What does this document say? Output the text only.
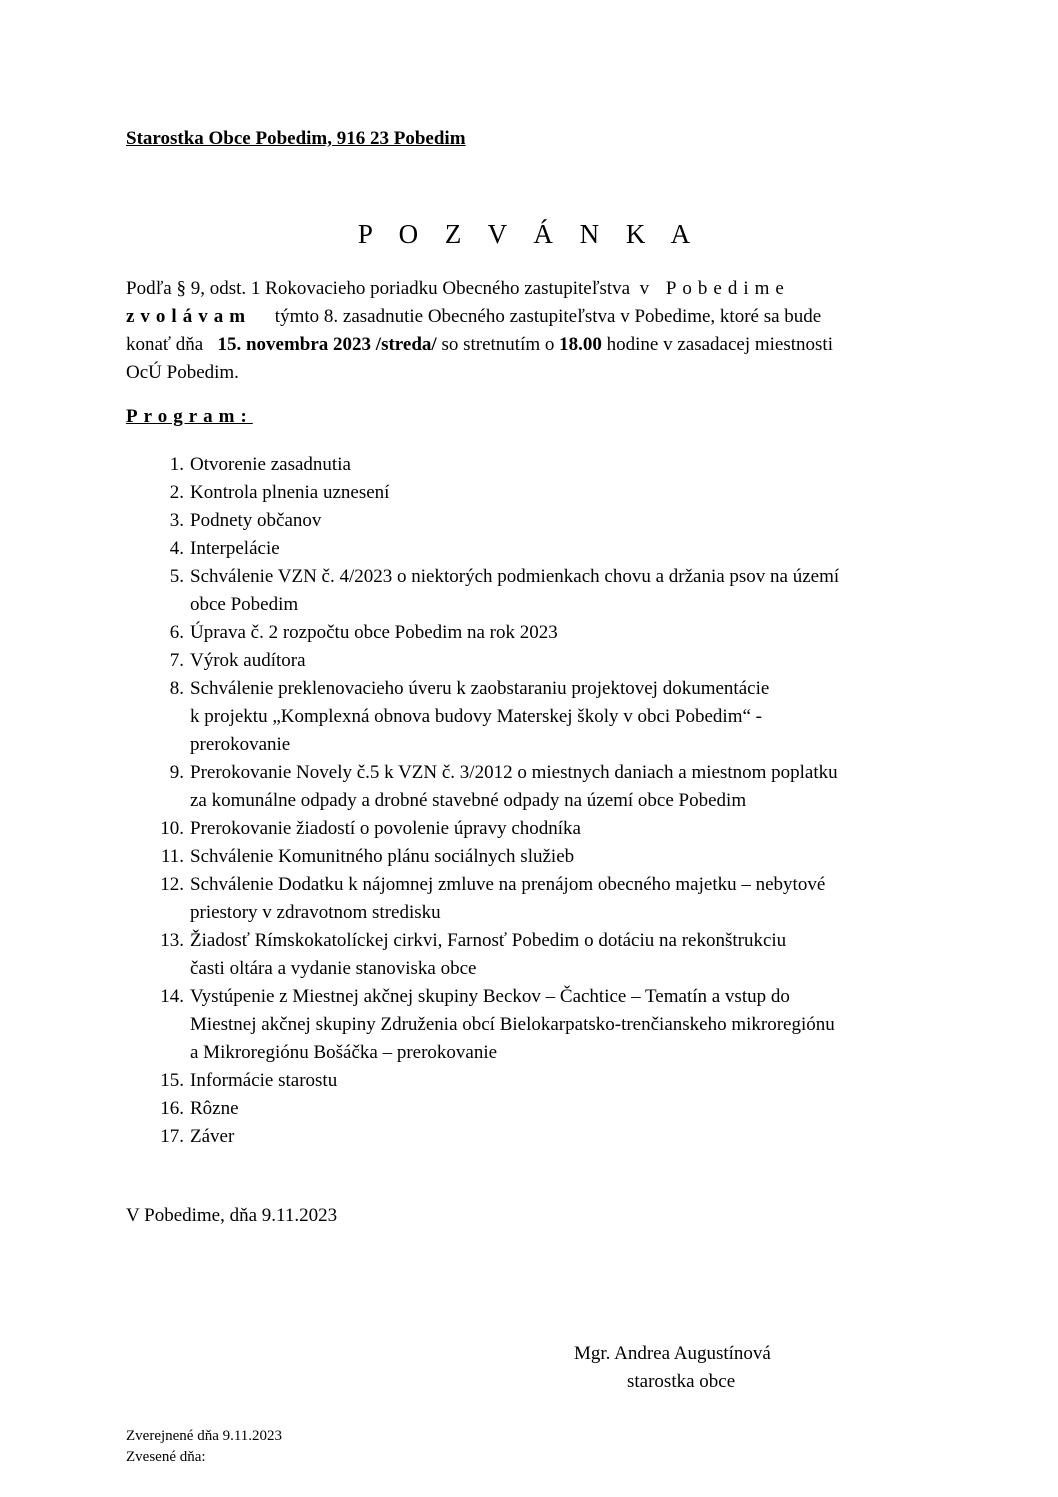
Starostka Obce Pobedim, 916 23 Pobedim
P O Z V Á N K A
Podľa § 9, odst. 1 Rokovacieho poriadku Obecného zastupiteľstva v Pobedime
zvolávam týmto 8. zasadnutie Obecného zastupiteľstva v Pobedime, ktoré sa bude
konať dňa 15. novembra 2023 /streda/ so stretnutím o 18.00 hodine v zasadacej miestnosti
OcÚ Pobedim.
Program:
1. Otvorenie zasadnutia
2. Kontrola plnenia uznesení
3. Podnety občanov
4. Interpelácie
5. Schválenie VZN č. 4/2023 o niektorých podmienkach chovu a držania psov na území
obce Pobedim
6. Úprava č. 2 rozpočtu obce Pobedim na rok 2023
7. Výrok audítora
8. Schválenie preklenovacieho úveru k zaobstaraniu projektovej dokumentácie
k projektu „Komplexná obnova budovy Materskej školy v obci Pobedim“ -
prerokovanie
9. Prerokovanie Novely č.5 k VZN č. 3/2012 o miestnych daniach a miestnom poplatku
za komunálne odpady a drobné stavebné odpady na území obce Pobedim
10. Prerokovanie žiadostí o povolenie úpravy chodníka
11. Schválenie Komunitného plánu sociálnych služieb
12. Schválenie Dodatku k nájomnej zmluve na prenájom obecného majetku – nebytové
priestory v zdravotnom stredisku
13. Žiadosť Rímskokatolíckej cirkvi, Farnosť Pobedim o dotáciu na rekonštrukciu
časti oltára a vydanie stanoviska obce
14. Vystúpenie z Miestnej akčnej skupiny Beckov – Čachtice – Tematín a vstup do
Miestnej akčnej skupiny Združenia obcí Bielokarpatsko-trenčianskeho mikroregiónu
a Mikroregiónu Bošáčka – prerokovanie
15. Informácie starostu
16. Rôzne
17. Záver
V Pobedime, dňa 9.11.2023
Mgr. Andrea Augustínová
starostka obce
Zverejnené dňa 9.11.2023
Zvesené dňa:
